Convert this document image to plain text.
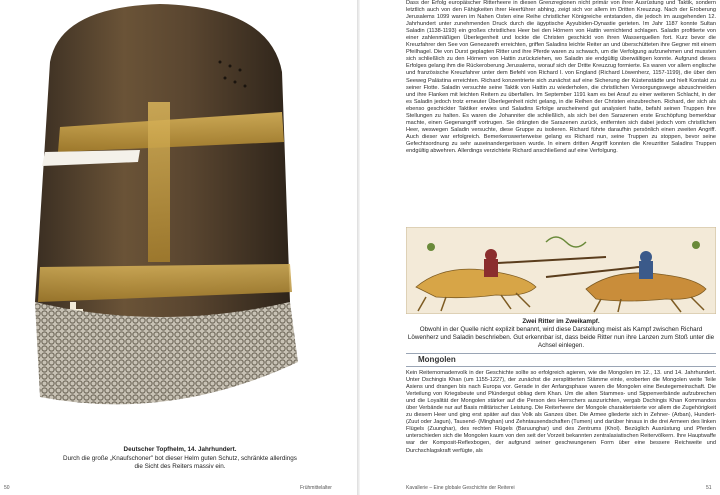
Deutscher Topfhelm, 14. Jahrhundert.
Durch die große „Knaufschoner" bot dieser Helm guten Schutz, schränkte allerdings die Sicht des Reiters massiv ein.
50	Frühmittelalter

Dass der Erfolg europäischer Ritterheere in diesen Grenzregionen nicht primär von ihrer Ausrüstung und Taktik, sondern letztlich auch von den Fähigkeiten ihrer Heerführer abhing, zeigt sich vor allem im Dritten Kreuzzug. Nach der Eroberung Jerusalems 1099 waren im Nahen Osten eine Reihe christlicher Königreiche entstanden, die jedoch im ausgehenden 12. Jahrhundert unter zunehmenden Druck durch die ägyptische Ayyubiden-Dynastie gerieten. Im Jahr 1187 konnte Sultan Saladin (1138-1193) ein großes christliches Heer bei den Hörnern von Hattin vernichtend schlagen. Saladin profitierte von einer zahlenmäßigen Überlegenheit und lockte die Christen geschickt von ihren Wasserquellen fort. Kurz bevor die Kreuzfahrer den See von Genezareth erreichten, griffen Saladins leichte Reiter an und überschütteten ihre Gegner mit einem Pfeilhagel. Die von Durst geplagten Ritter und ihre Pferde waren zu schwach, um die Verfolgung aufzunehmen und mussten sich schließlich zu den Hörnern von Hattin zurückziehen, wo Saladin sie endgültig überwältigen konnte. Aufgrund dieses Erfolges gelang ihm die Rückeroberung Jerusalems, worauf sich der Dritte Kreuzzug formierte. Es waren vor allem englische und französische Kreuzfahrer unter dem Befehl von Richard I. von England (Richard Löwenherz, 1157-1199), die über den Seeweg Palästina erreichten. Richard konzentrierte sich zunächst auf eine Sicherung der Küstenstädte und hielt Kontakt zu seiner Flotte. Saladin versuchte seine Taktik von Hattin zu wiederholen, die christlichen Versorgungswege abzuschneiden und ihre Flanken mit leichten Reitern zu überfallen. Im September 1191 kam es bei Arsuf zu einer weiteren Schlacht, in der es Saladin jedoch trotz erneuter Überlegenheit nicht gelang, in die Reihen der Christen einzubrechen. Richard, der sich als ebenso geschickter Taktiker erwies und Saladins Erfolge anscheinend gut analysiert hatte, befahl seinen Truppen ihre Stellungen zu halten. Es waren die Johanniter die schließlich, als sich bei den Sarazenen erste Erschöpfung bemerkbar machte, einen Gegenangriff vortrugen. Sie drängten die Sarazenen zurück, entfernten sich dabei jedoch vom christlichen Heer, weswegen Saladin versuchte, diese Gruppe zu isolieren. Richard führte daraufhin persönlich einen zweiten Angriff. Auch dieser war erfolgreich. Bemerkenswerterweise gelang es Richard nun, seine Truppen zu stoppen, bevor seine Gefechtsordnung zu sehr auseinandergerissen wurde. In einem dritten Angriff konnten die Kreuzritter Saladins Truppen endgültig abwehren. Allerdings verzichtete Richard anschließend auf eine Verfolgung.

Zwei Ritter im Zweikampf.
Obwohl in der Quelle nicht explizit benannt, wird diese Darstellung meist als Kampf zwischen Richard Löwenherz und Saladin beschrieben. Gut erkennbar ist, dass beide Ritter nun ihre Lanzen zum Stoß unter die Achsel einlegen.
Mongolen

Kein Reiternomadenvolk in der Geschichte sollte so erfolgreich agieren, wie die Mongolen im 12., 13. und 14. Jahrhundert. Unter Dschingis Khan (um 1155-1227), der zunächst die zersplitterten Stämme einte, eroberten die Mongolen weite Teile Asiens und drangen bis nach Europa vor. Gerade in der Anfangsphase waren die Mongolen eine Beutegemeinschaft. Die Verteilung von Kriegsbeute und Plündergut obliag dem Khan. Um die alten Stammes- und Sippenverbände aufzubrechen und die Loyalität der Mongolen stärker auf die Person des Herrschers auszurichten, vergab Dschingis Khan Kommandos über Verbände nur auf Basis militärischer Leistung. Die Reiterheere der Mongole charakterisierte vor allem die Zugehörigkeit zu diesem Heer und ging erst später auf das Volk als Ganzes über. Die Armee gliederte sich in Zehner- (Arban), Hundert- (Zuut oder Jagun), Tausend- (Minghan) und Zehntausendschaften (Tumen) und darüber hinaus in die drei Armeen des linken Flügels (Zuunghar), des rechten Flügels (Baruunghar) und des Zentrums (Khol). Bezüglich Ausrüstung und Pferden unterschieden sich die Mongolen kaum von den seit der Vorzeit bekannten zentralasiatischen Reitervölkern. Ihre Hauptwaffe war der Komposit-Reflexbogen, der aufgrund seiner geschwungenen Form über eine bessere Reichweite und Durchschlagskraft verfügte, als

Kavallerie – Eine globale Geschichte der Reiterei	51
